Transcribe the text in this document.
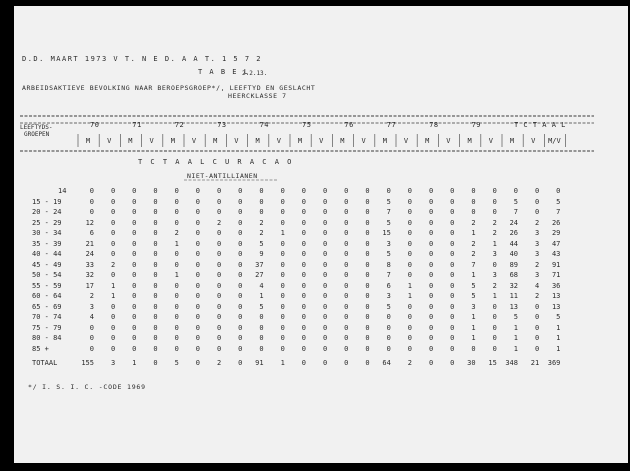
D.D. MAART 1973 V T. N E D. A A T. 1 5 7 2
T A B E L
2.2.13.
ARBEIDSAKTIEVE BEVOLKING NAAR BEROEPSGROEP*/, LEEFTYD EN GESLACHT
HEERCKLASSE 7
LEEFTYDS-
GROEPEN
70	71	72	73	74	75	76	77	78	79	T C T A A L
M	V	M	V	M	V	M	V	M	V	M	V	M	V	M	V	M	V	M	V	M	V	M/V
T C T A A L C U R A C A O
NIET-ANTILLIANEN
14	0	0	0	0	0	0	0	0	0	0	0	0	0	0	0	0	0	0	0	0	0	0	0
15 - 19	0	0	0	0	0	0	0	0	0	0	0	0	0	0	5	0	0	0	0	0	5	0	5
20 - 24	0	0	0	0	0	0	0	0	0	0	0	0	0	0	7	0	0	0	0	0	7	0	7
25 - 29	12	0	0	0	0	0	2	0	2	0	0	0	0	0	5	0	0	0	2	2	24	2	26
30 - 34	6	0	0	0	2	0	0	0	2	1	0	0	0	0	15	0	0	0	1	2	26	3	29
35 - 39	21	0	0	0	1	0	0	0	5	0	0	0	0	0	3	0	0	0	2	1	44	3	47
40 - 44	24	0	0	0	0	0	0	0	9	0	0	0	0	0	5	0	0	0	2	3	40	3	43
45 - 49	33	2	0	0	0	0	0	0	37	0	0	0	0	0	8	0	0	0	7	0	89	2	91
50 - 54	32	0	0	0	1	0	0	0	27	0	0	0	0	0	7	0	0	0	1	3	68	3	71
55 - 59	17	1	0	0	0	0	0	0	4	0	0	0	0	0	6	1	0	0	5	2	32	4	36
60 - 64	2	1	0	0	0	0	0	0	1	0	0	0	0	0	3	1	0	0	5	1	11	2	13
65 - 69	3	0	0	0	0	0	0	0	5	0	0	0	0	0	5	0	0	0	3	0	13	0	13
70 - 74	4	0	0	0	0	0	0	0	0	0	0	0	0	0	0	0	0	0	1	0	5	0	5
75 - 79	0	0	0	0	0	0	0	0	0	0	0	0	0	0	0	0	0	0	1	0	1	0	1
80 - 84	0	0	0	0	0	0	0	0	0	0	0	0	0	0	0	0	0	0	1	0	1	0	1
85 +	0	0	0	0	0	0	0	0	0	0	0	0	0	0	0	0	0	0	0	0	1	0	1
TOTAAL	155	3	1	0	5	0	2	0	91	1	0	0	0	0	64	2	0	0	30	15	348	21	369
*/ I. S. I. C. -CODE 1969
